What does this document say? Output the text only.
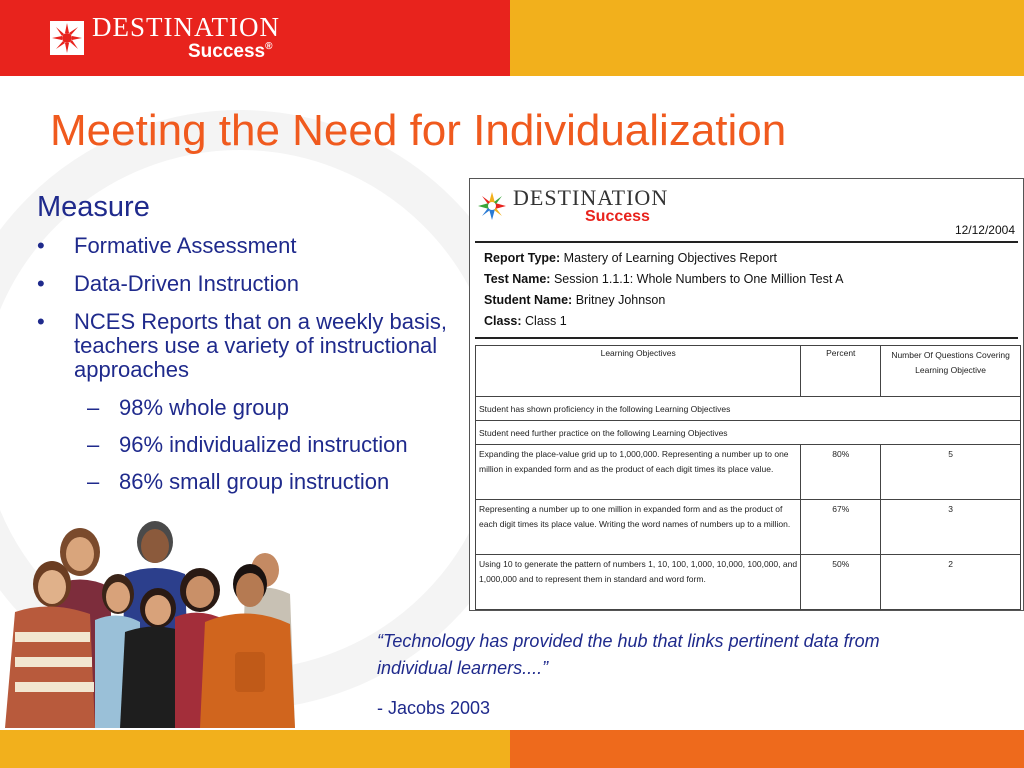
DESTINATION
Success®
Meeting the Need for Individualization
Measure
• Formative Assessment
• Data-Driven Instruction
• NCES Reports that on a weekly basis, teachers use a variety of instructional approaches
– 98% whole group
– 96% individualized instruction
– 86% small group instruction
DESTINATION
Success
12/12/2004
Report Type: Mastery of Learning Objectives Report
Test Name: Session 1.1.1: Whole Numbers to One Million Test A
Student Name: Britney Johnson
Class: Class 1
Learning Objectives	Percent	Number Of Questions Covering Learning Objective
Student has shown proficiency in the following Learning Objectives		
Student need further practice on the following Learning Objectives		
Expanding the place-value grid up to 1,000,000. Representing a number up to one million in expanded form and as the product of each digit times its place value.	80%	5
Representing a number up to one million in expanded form and as the product of each digit times its place value. Writing the word names of numbers up to a million.	67%	3
Using 10 to generate the pattern of numbers 1, 10, 100, 1,000, 10,000, 100,000, and 1,000,000 and to represent them in standard and word form.	50%	2
“Technology has provided the hub that links pertinent data from individual learners....”
- Jacobs 2003
